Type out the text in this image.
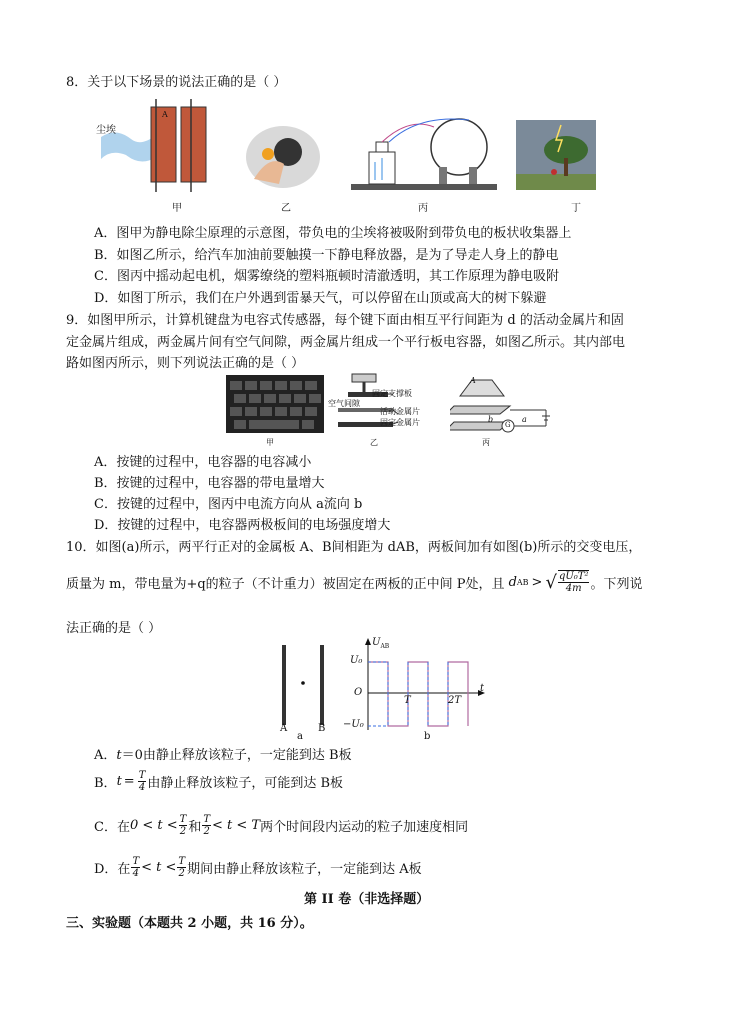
8．关于以下场景的说法正确的是（ ）
尘埃
A
甲	乙	丙	丁
A．图甲为静电除尘原理的示意图，带负电的尘埃将被吸附到带负电的板状收集器上
B．如图乙所示，给汽车加油前要触摸一下静电释放器，是为了导走人身上的静电
C．图丙中摇动起电机，烟雾缭绕的塑料瓶顿时清澈透明，其工作原理为静电吸附
D．如图丁所示，我们在户外遇到雷暴天气，可以停留在山顶或高大的树下躲避
9．如图甲所示，计算机键盘为电容式传感器，每个键下面由相互平行间距为 d 的活动金属片和固
定金属片组成，两金属片间有空气间隙，两金属片组成一个平行板电容器，如图乙所示。其内部电
路如图丙所示，则下列说法正确的是（ ）
甲
固定支撑板
空气间隙
活动金属片
固定金属片
乙
A
b	a
G
丙
A．按键的过程中，电容器的电容减小
B．按键的过程中，电容器的带电量增大
C．按键的过程中，图丙中电流方向从 a流向 b
D．按键的过程中，电容器两极板间的电场强度增大
10．如图(a)所示，两平行正对的金属板 A、B间相距为 dAB，两板间加有如图(b)所示的交变电压，
质量为 m，带电量为+q的粒子（不计重力）被固定在两板的正中间 P处，且 d AB > √ $\frac{\text{qU₀T²}}{4m}$ 。下列说
法正确的是（ ）
A	B
a	b
$U_{AB}$
U₀
O
−U₀
T	2T
t
A．t＝0由静止释放该粒子，一定能到达 B板
B． $t = \frac{T}{4}$ 由静止释放该粒子，可能到达 B板
C．在 $0 < t < \frac{T}{2}$ 和 $\frac{T}{2} < t < T$ 两个时间段内运动的粒子加速度相同
D．在 $\frac{T}{4} < t < \frac{T}{2}$ 期间由静止释放该粒子，一定能到达 A板
第 II 卷（非选择题）
三、实验题（本题共 2 小题，共 16 分）。
